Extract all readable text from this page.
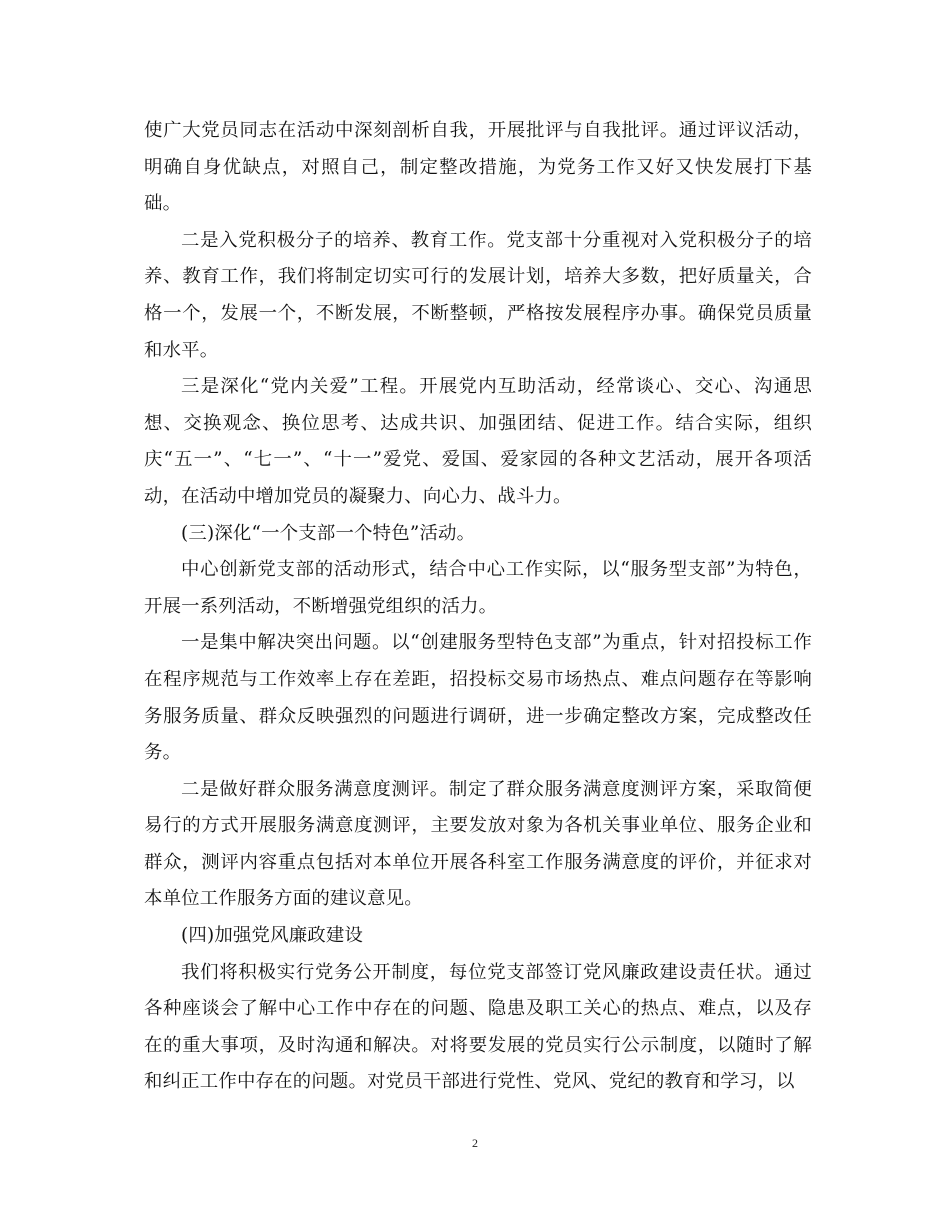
使广大党员同志在活动中深刻剖析自我，开展批评与自我批评。通过评议活动，明确自身优缺点，对照自己，制定整改措施，为党务工作又好又快发展打下基础。

二是入党积极分子的培养、教育工作。党支部十分重视对入党积极分子的培养、教育工作，我们将制定切实可行的发展计划，培养大多数，把好质量关，合格一个，发展一个，不断发展，不断整顿，严格按发展程序办事。确保党员质量和水平。

三是深化“党内关爱”工程。开展党内互助活动，经常谈心、交心、沟通思想、交换观念、换位思考、达成共识、加强团结、促进工作。结合实际，组织庆“五一”、“七一”、“十一”爱党、爱国、爱家园的各种文艺活动，展开各项活动，在活动中增加党员的凝聚力、向心力、战斗力。

(三)深化“一个支部一个特色”活动。

中心创新党支部的活动形式，结合中心工作实际，以“服务型支部”为特色，开展一系列活动，不断增强党组织的活力。

一是集中解决突出问题。以“创建服务型特色支部”为重点，针对招投标工作在程序规范与工作效率上存在差距，招投标交易市场热点、难点问题存在等影响务服务质量、群众反映强烈的问题进行调研，进一步确定整改方案，完成整改任务。

二是做好群众服务满意度测评。制定了群众服务满意度测评方案，采取简便易行的方式开展服务满意度测评，主要发放对象为各机关事业单位、服务企业和群众，测评内容重点包括对本单位开展各科室工作服务满意度的评价，并征求对本单位工作服务方面的建议意见。

(四)加强党风廉政建设

我们将积极实行党务公开制度，每位党支部签订党风廉政建设责任状。通过各种座谈会了解中心工作中存在的问题、隐患及职工关心的热点、难点，以及存在的重大事项，及时沟通和解决。对将要发展的党员实行公示制度，以随时了解和纠正工作中存在的问题。对党员干部进行党性、党风、党纪的教育和学习，以

2
